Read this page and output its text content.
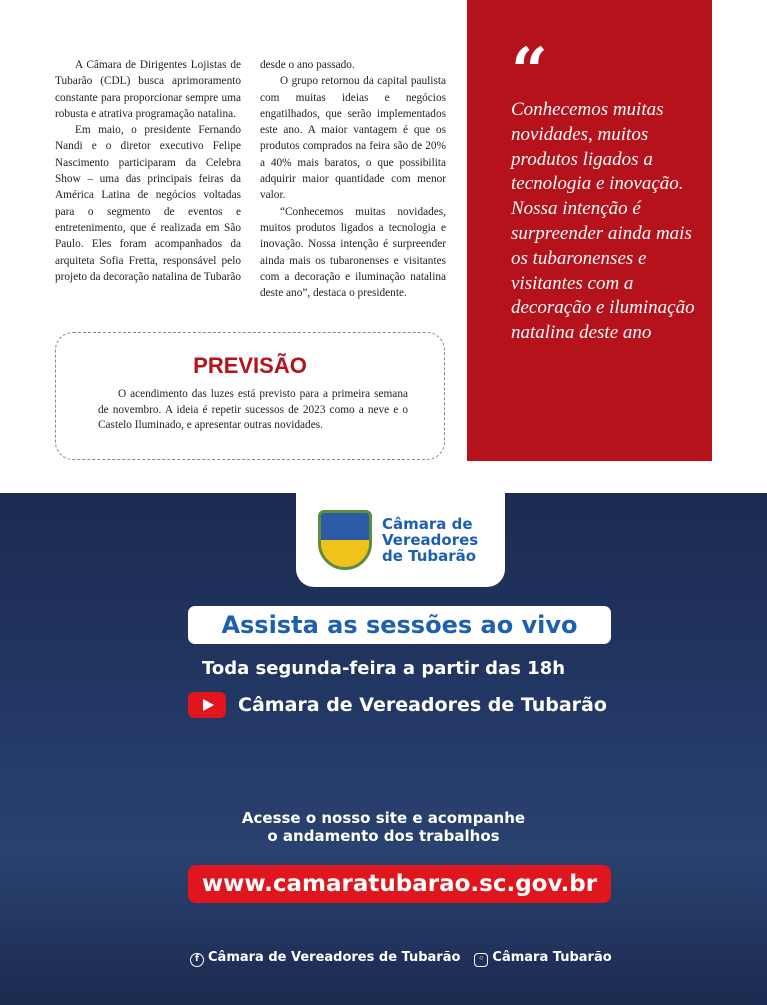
A Câmara de Dirigentes Lojistas de Tubarão (CDL) busca aprimoramento constante para proporcionar sempre uma robusta e atrativa programação natalina.

Em maio, o presidente Fernando Nandi e o diretor executivo Felipe Nascimento participaram da Celebra Show – uma das principais feiras da América Latina de negócios voltadas para o segmento de eventos e entretenimento, que é realizada em São Paulo. Eles foram acompanhados da arquiteta Sofia Fretta, responsável pelo projeto da decoração natalina de Tubarão

desde o ano passado.

O grupo retornou da capital paulista com muitas ideias e negócios engatilhados, que serão implementados este ano. A maior vantagem é que os produtos comprados na feira são de 20% a 40% mais baratos, o que possibilita adquirir maior quantidade com menor valor.

“Conhecemos muitas novidades, muitos produtos ligados a tecnologia e inovação. Nossa intenção é surpreender ainda mais os tubaronenses e visitantes com a decoração e iluminação natalina deste ano”, destaca o presidente.

“
Conhecemos muitas novidades, muitos produtos ligados a tecnologia e inovação. Nossa intenção é surpreender ainda mais os tubaronenses e visitantes com a decoração e iluminação natalina deste ano
PREVISÃO

O acendimento das luzes está previsto para a primeira semana de novembro. A ideia é repetir sucessos de 2023 como a neve e o Castelo Iluminado, e apresentar outras novidades.

Câmara de Vereadores de Tubarão
Assista as sessões ao vivo
Toda segunda-feira a partir das 18h
Câmara de Vereadores de Tubarão
Acesse o nosso site e acompanhe
o andamento dos trabalhos
www.camaratubarao.sc.gov.br
f Câmara de Vereadores de Tubarão	◦ Câmara Tubarão
